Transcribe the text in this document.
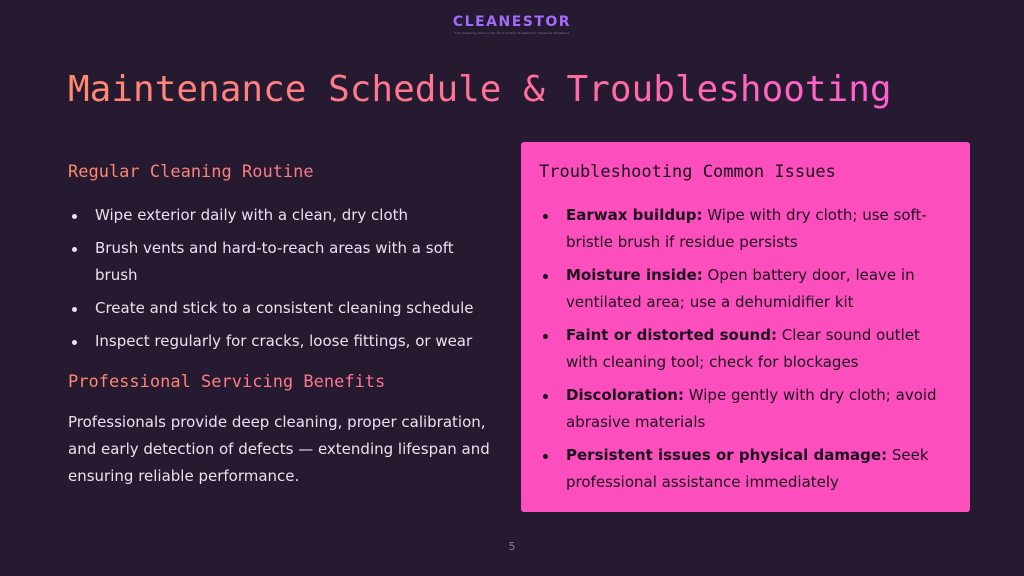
CLEANESTOR
The Cleaning Choice For All And One Trusted For Cleaning Solutions
Maintenance Schedule & Troubleshooting
Regular Cleaning Routine
Wipe exterior daily with a clean, dry cloth
Brush vents and hard-to-reach areas with a soft brush
Create and stick to a consistent cleaning schedule
Inspect regularly for cracks, loose fittings, or wear
Professional Servicing Benefits

Professionals provide deep cleaning, proper calibration, and early detection of defects — extending lifespan and ensuring reliable performance.

Troubleshooting Common Issues
Earwax buildup: Wipe with dry cloth; use soft-bristle brush if residue persists
Moisture inside: Open battery door, leave in ventilated area; use a dehumidifier kit
Faint or distorted sound: Clear sound outlet with cleaning tool; check for blockages
Discoloration: Wipe gently with dry cloth; avoid abrasive materials
Persistent issues or physical damage: Seek professional assistance immediately
5
